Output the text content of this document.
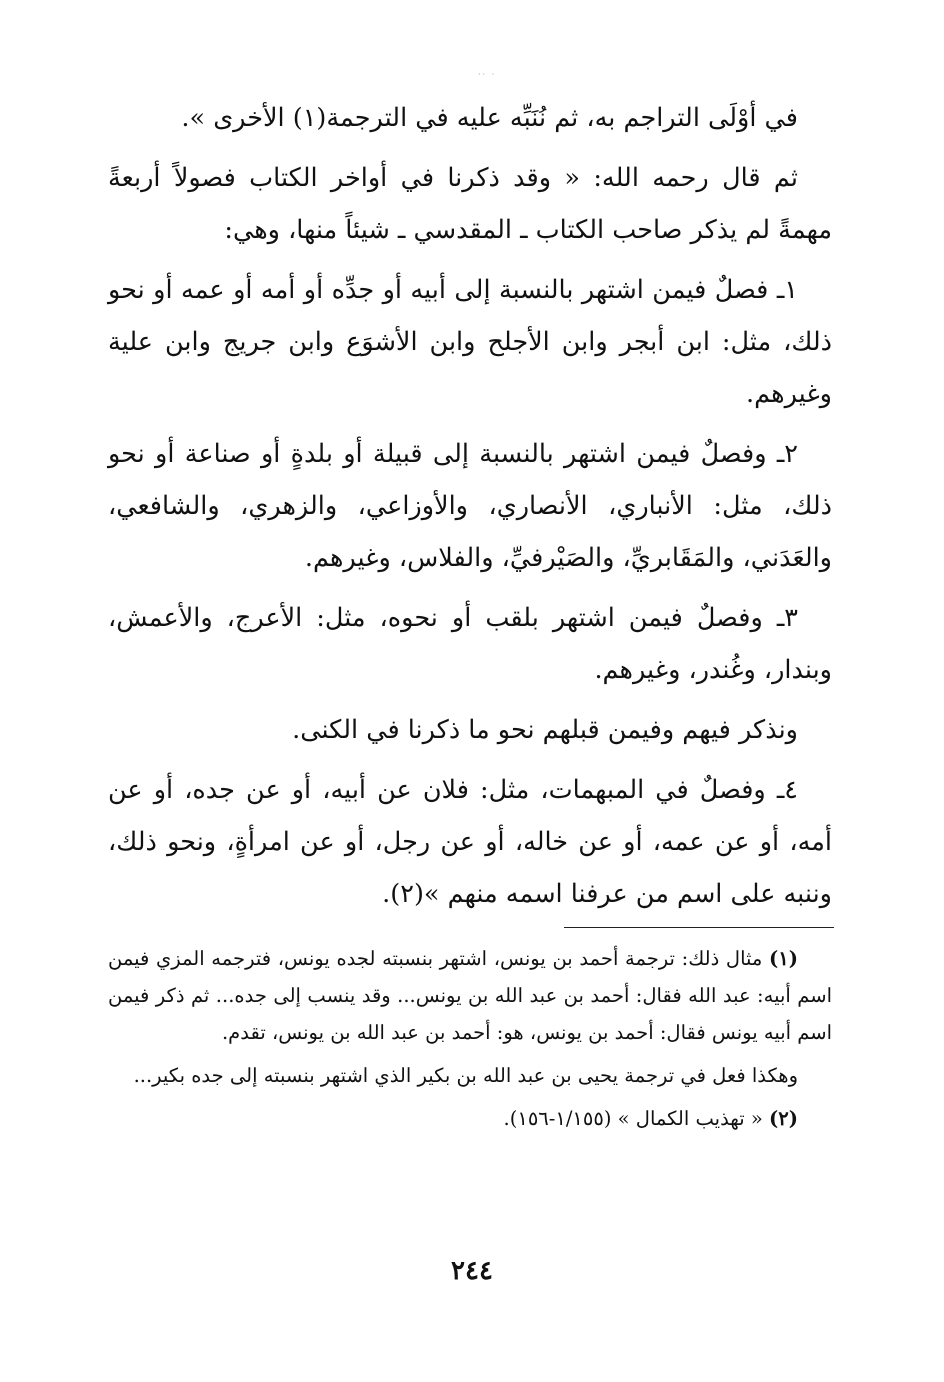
·· ·

في أوْلَى التراجم به، ثم نُنَبِّه عليه في الترجمة(١) الأخرى ».

ثم قال رحمه الله: « وقد ذكرنا في أواخر الكتاب فصولاً أربعةً مهمةً لم يذكر صاحب الكتاب ـ المقدسي ـ شيئاً منها، وهي:

١ـ فصلٌ فيمن اشتهر بالنسبة إلى أبيه أو جدِّه أو أمه أو عمه أو نحو ذلك، مثل: ابن أبجر وابن الأجلح وابن الأشوَع وابن جريج وابن علية وغيرهم.

٢ـ وفصلٌ فيمن اشتهر بالنسبة إلى قبيلة أو بلدةٍ أو صناعة أو نحو ذلك، مثل: الأنباري، الأنصاري، والأوزاعي، والزهري، والشافعي، والعَدَني، والمَقَابريِّ، والصَيْرفيِّ، والفلاس، وغيرهم.

٣ـ وفصلٌ فيمن اشتهر بلقب أو نحوه، مثل: الأعرج، والأعمش، وبندار، وغُندر، وغيرهم.

ونذكر فيهم وفيمن قبلهم نحو ما ذكرنا في الكنى.

٤ـ وفصلٌ في المبهمات، مثل: فلان عن أبيه، أو عن جده، أو عن أمه، أو عن عمه، أو عن خاله، أو عن رجل، أو عن امرأةٍ، ونحو ذلك، وننبه على اسم من عرفنا اسمه منهم »(٢).

(١) مثال ذلك: ترجمة أحمد بن يونس، اشتهر بنسبته لجده يونس، فترجمه المزي فيمن اسم أبيه: عبد الله فقال: أحمد بن عبد الله بن يونس... وقد ينسب إلى جده... ثم ذكر فيمن اسم أبيه يونس فقال: أحمد بن يونس، هو: أحمد بن عبد الله بن يونس، تقدم.

وهكذا فعل في ترجمة يحيى بن عبد الله بن بكير الذي اشتهر بنسبته إلى جده بكير...

(٢) « تهذيب الكمال » (١/١٥٥-١٥٦).

٢٤٤
